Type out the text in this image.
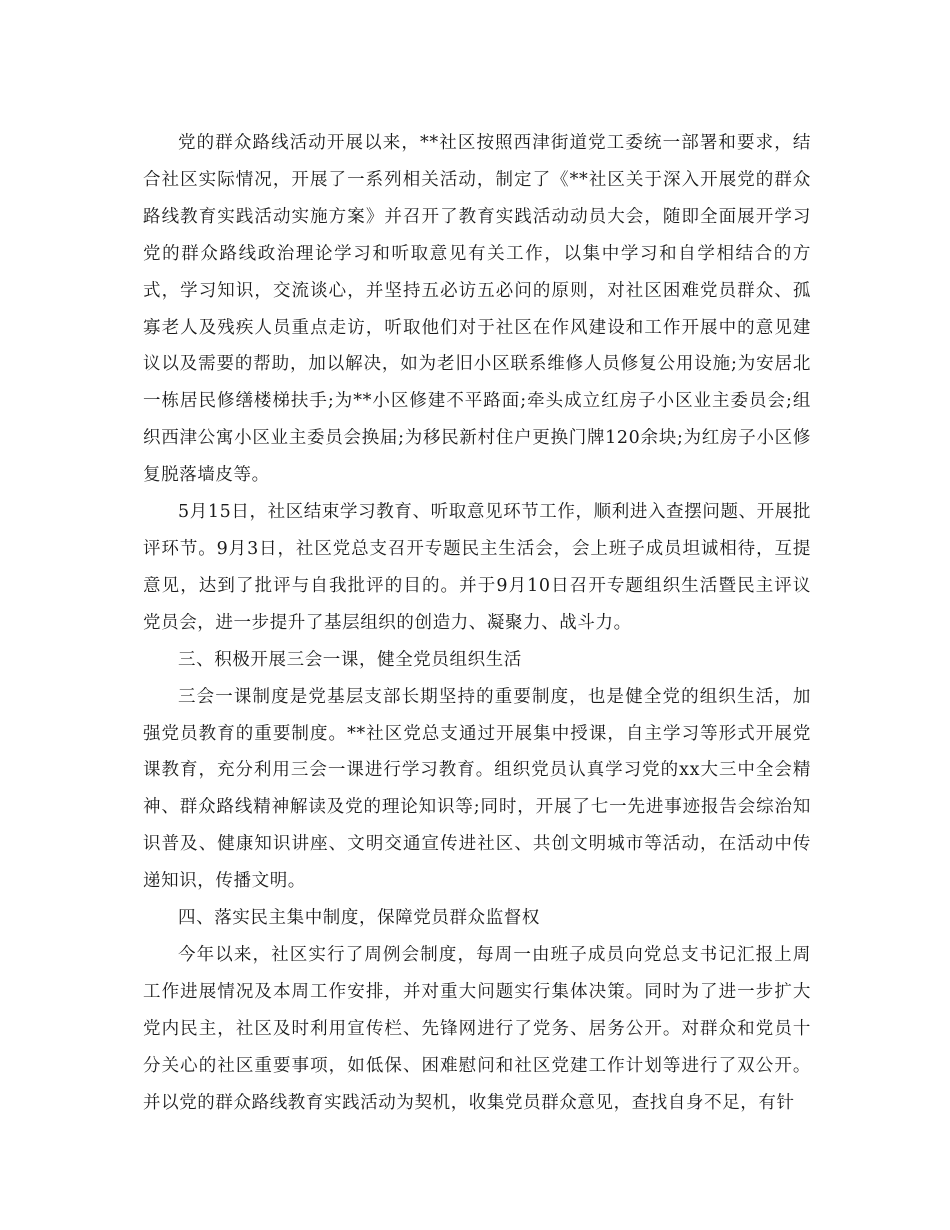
党的群众路线活动开展以来，**社区按照西津街道党工委统一部署和要求，结合社区实际情况，开展了一系列相关活动，制定了《**社区关于深入开展党的群众路线教育实践活动实施方案》并召开了教育实践活动动员大会，随即全面展开学习党的群众路线政治理论学习和听取意见有关工作，以集中学习和自学相结合的方式，学习知识，交流谈心，并坚持五必访五必问的原则，对社区困难党员群众、孤寡老人及残疾人员重点走访，听取他们对于社区在作风建设和工作开展中的意见建议以及需要的帮助，加以解决，如为老旧小区联系维修人员修复公用设施;为安居北一栋居民修缮楼梯扶手;为**小区修建不平路面;牵头成立红房子小区业主委员会;组织西津公寓小区业主委员会换届;为移民新村住户更换门牌120余块;为红房子小区修复脱落墙皮等。

5月15日，社区结束学习教育、听取意见环节工作，顺利进入查摆问题、开展批评环节。9月3日，社区党总支召开专题民主生活会，会上班子成员坦诚相待，互提意见，达到了批评与自我批评的目的。并于9月10日召开专题组织生活暨民主评议党员会，进一步提升了基层组织的创造力、凝聚力、战斗力。

三、积极开展三会一课，健全党员组织生活

三会一课制度是党基层支部长期坚持的重要制度，也是健全党的组织生活，加强党员教育的重要制度。**社区党总支通过开展集中授课，自主学习等形式开展党课教育，充分利用三会一课进行学习教育。组织党员认真学习党的xx大三中全会精神、群众路线精神解读及党的理论知识等;同时，开展了七一先进事迹报告会综治知识普及、健康知识讲座、文明交通宣传进社区、共创文明城市等活动，在活动中传递知识，传播文明。

四、落实民主集中制度，保障党员群众监督权

今年以来，社区实行了周例会制度，每周一由班子成员向党总支书记汇报上周工作进展情况及本周工作安排，并对重大问题实行集体决策。同时为了进一步扩大党内民主，社区及时利用宣传栏、先锋网进行了党务、居务公开。对群众和党员十分关心的社区重要事项，如低保、困难慰问和社区党建工作计划等进行了双公开。并以党的群众路线教育实践活动为契机，收集党员群众意见，查找自身不足，有针
